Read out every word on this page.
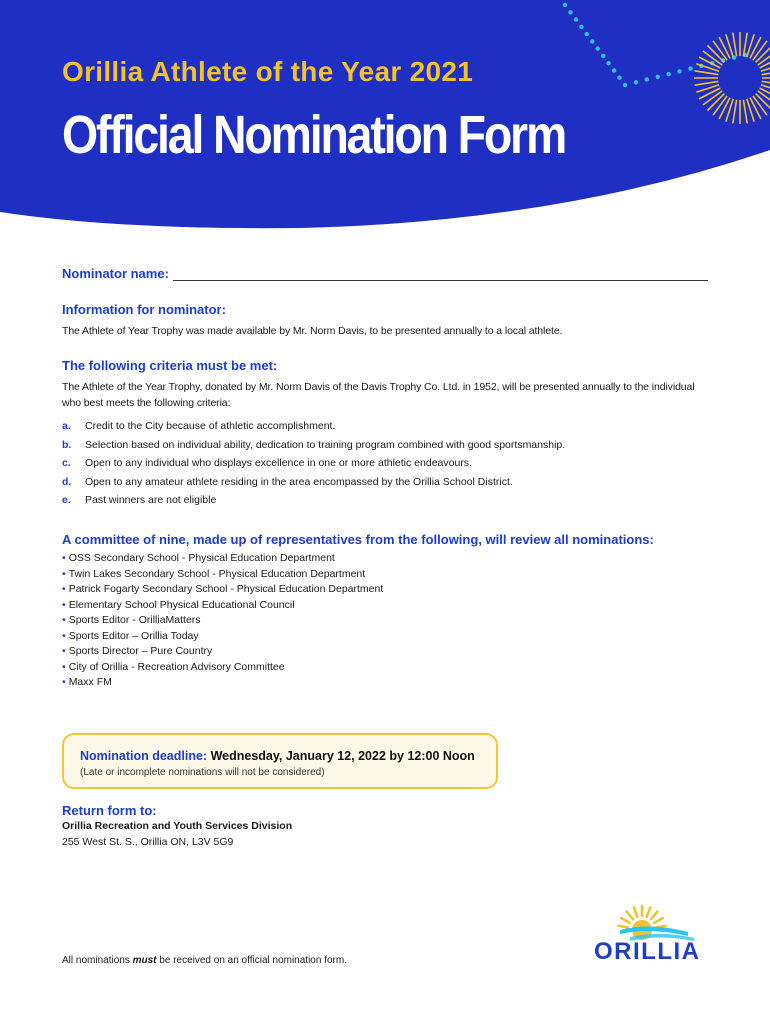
Orillia Athlete of the Year 2021
Official Nomination Form
Nominator name:
Information for nominator:

The Athlete of Year Trophy was made available by Mr. Norm Davis, to be presented annually to a local athlete.

The following criteria must be met:

The Athlete of the Year Trophy, donated by Mr. Norm Davis of the Davis Trophy Co. Ltd. in 1952, will be presented annually to the individual who best meets the following criteria:

a.	Credit to the City because of athletic accomplishment.
b.	Selection based on individual ability, dedication to training program combined with good sportsmanship.
c.	Open to any individual who displays excellence in one or more athletic endeavours.
d.	Open to any amateur athlete residing in the area encompassed by the Orillia School District.
e.	Past winners are not eligible
A committee of nine, made up of representatives from the following, will review all nominations:
• OSS Secondary School - Physical Education Department
• Twin Lakes Secondary School - Physical Education Department
• Patrick Fogarty Secondary School - Physical Education Department
• Elementary School Physical Educational Council
• Sports Editor - OrilliaMatters
• Sports Editor – Orillia Today
• Sports Director – Pure Country
• City of Orillia - Recreation Advisory Committee
• Maxx FM
Nomination deadline: Wednesday, January 12, 2022 by 12:00 Noon
(Late or incomplete nominations will not be considered)
Return form to:

Orillia Recreation and Youth Services Division

255 West St. S., Orillia ON, L3V 5G9

All nominations must be received on an official nomination form.	ORILLIA
